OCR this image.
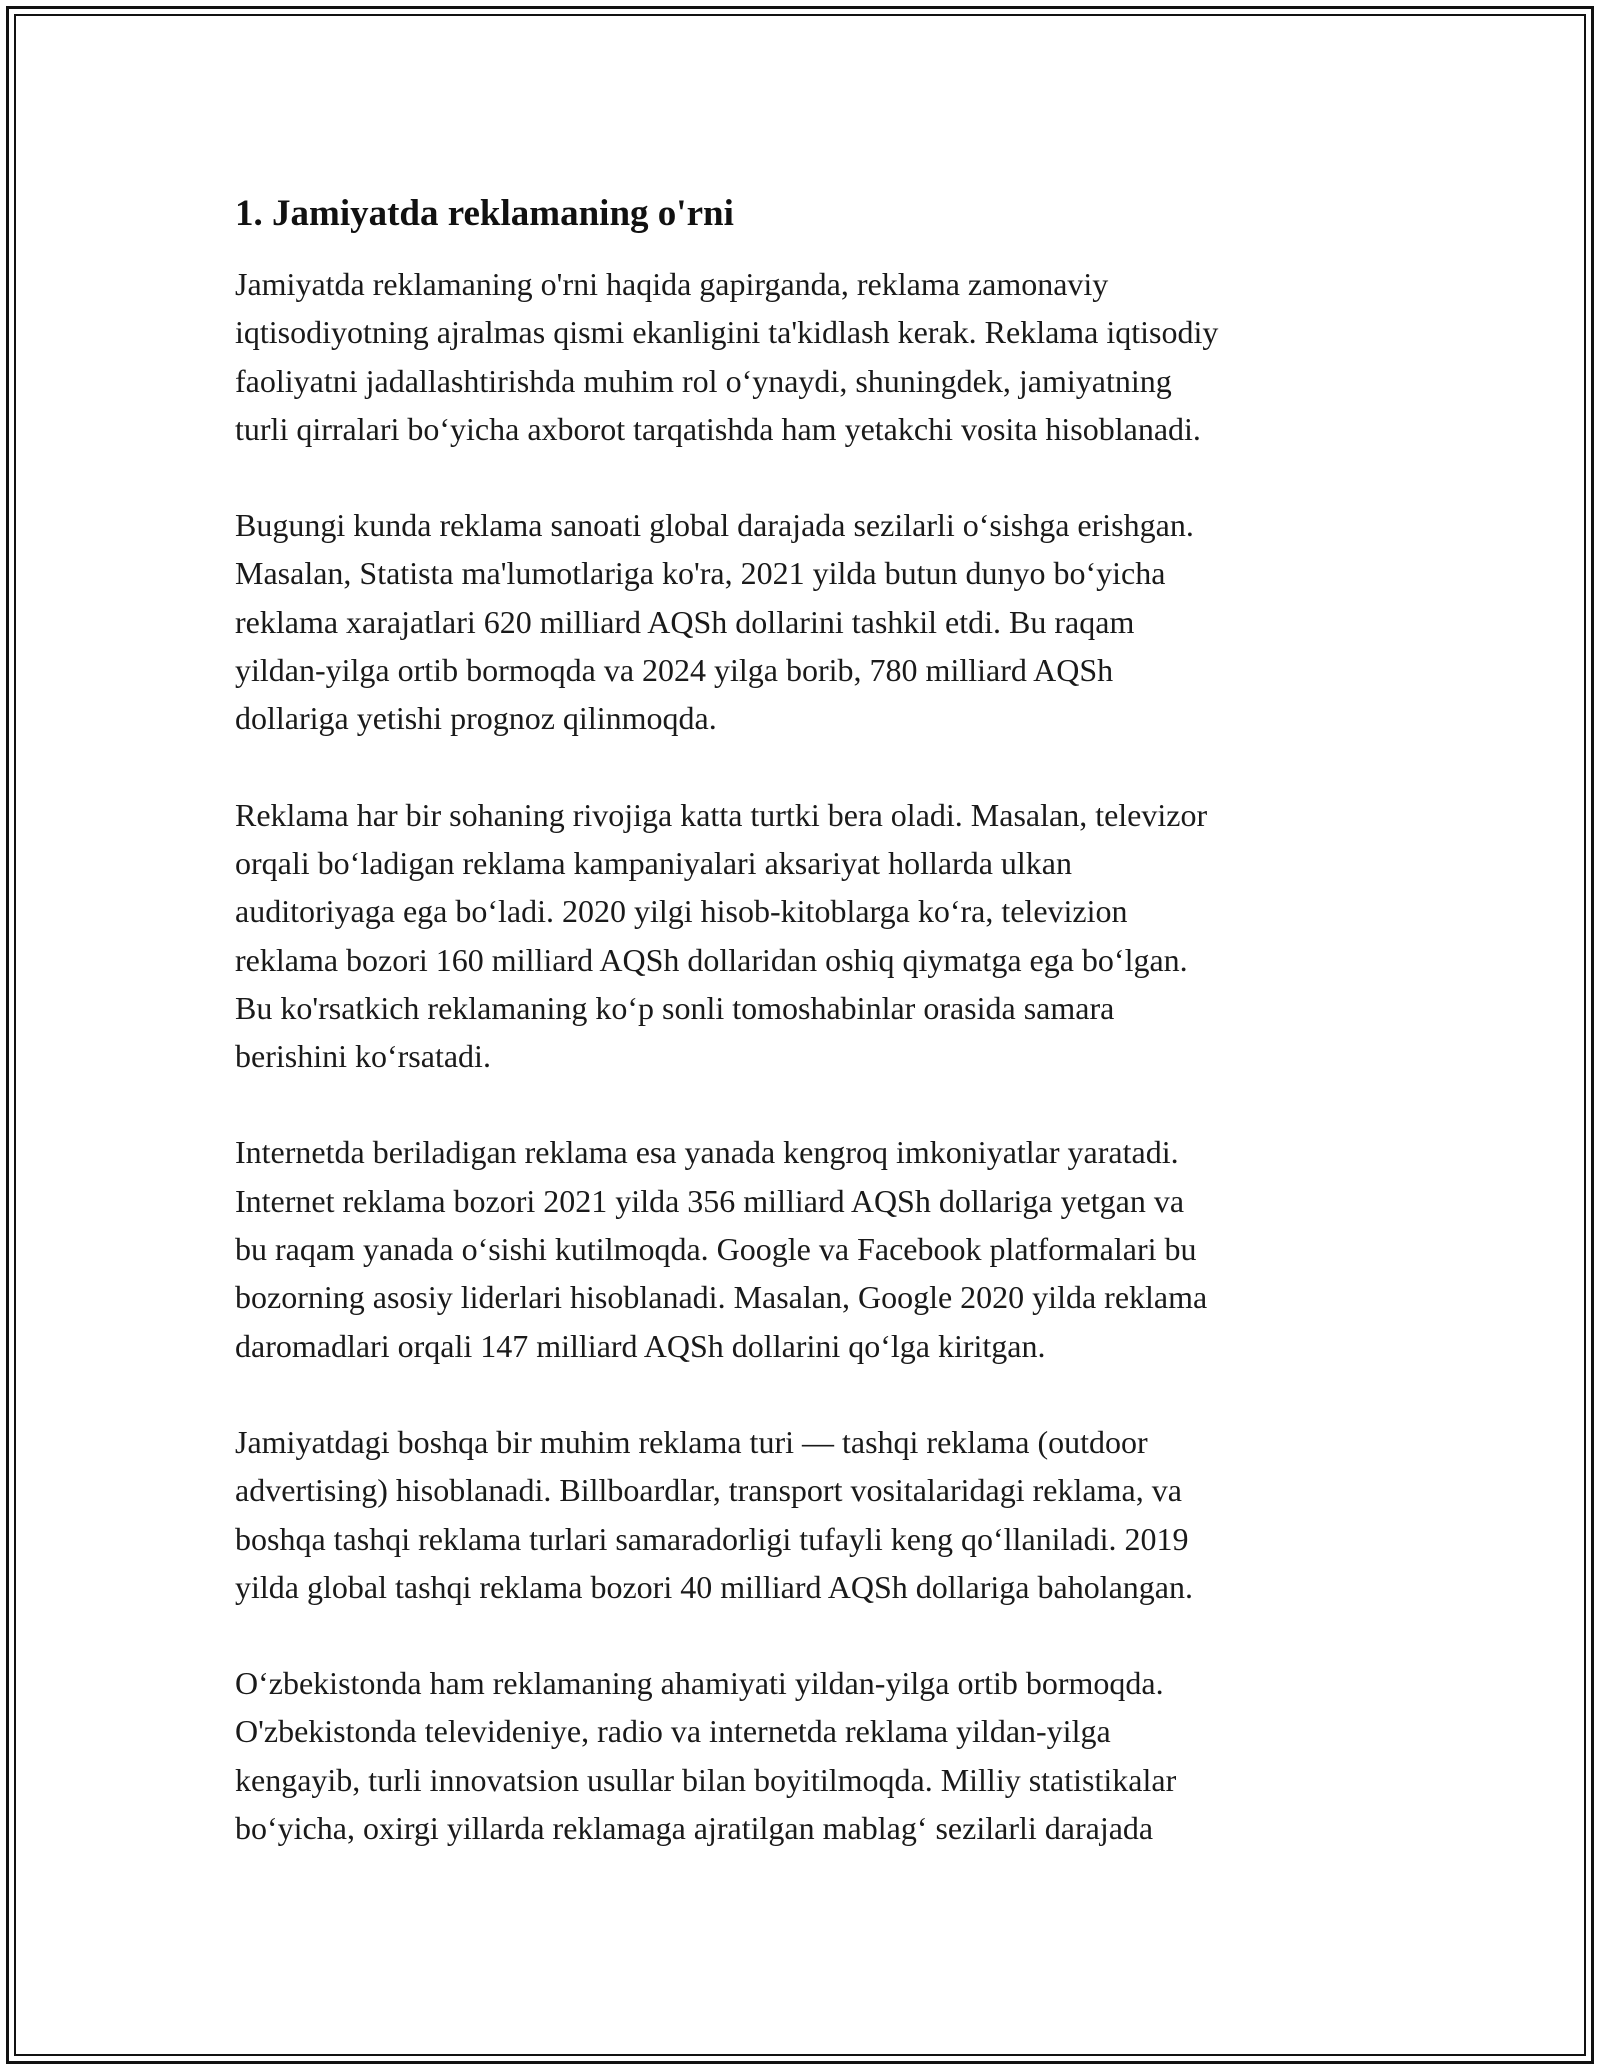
1. Jamiyatda reklamaning o'rni

Jamiyatda reklamaning o'rni haqida gapirganda, reklama zamonaviy
iqtisodiyotning ajralmas qismi ekanligini ta'kidlash kerak. Reklama iqtisodiy
faoliyatni jadallashtirishda muhim rol oʻynaydi, shuningdek, jamiyatning
turli qirralari boʻyicha axborot tarqatishda ham yetakchi vosita hisoblanadi.

Bugungi kunda reklama sanoati global darajada sezilarli oʻsishga erishgan.
Masalan, Statista ma'lumotlariga ko'ra, 2021 yilda butun dunyo boʻyicha
reklama xarajatlari 620 milliard AQSh dollarini tashkil etdi. Bu raqam
yildan-yilga ortib bormoqda va 2024 yilga borib, 780 milliard AQSh
dollariga yetishi prognoz qilinmoqda.

Reklama har bir sohaning rivojiga katta turtki bera oladi. Masalan, televizor
orqali boʻladigan reklama kampaniyalari aksariyat hollarda ulkan
auditoriyaga ega boʻladi. 2020 yilgi hisob-kitoblarga koʻra, televizion
reklama bozori 160 milliard AQSh dollaridan oshiq qiymatga ega boʻlgan.
Bu ko'rsatkich reklamaning koʻp sonli tomoshabinlar orasida samara
berishini koʻrsatadi.

Internetda beriladigan reklama esa yanada kengroq imkoniyatlar yaratadi.
Internet reklama bozori 2021 yilda 356 milliard AQSh dollariga yetgan va
bu raqam yanada oʻsishi kutilmoqda. Google va Facebook platformalari bu
bozorning asosiy liderlari hisoblanadi. Masalan, Google 2020 yilda reklama
daromadlari orqali 147 milliard AQSh dollarini qoʻlga kiritgan.

Jamiyatdagi boshqa bir muhim reklama turi — tashqi reklama (outdoor
advertising) hisoblanadi. Billboardlar, transport vositalaridagi reklama, va
boshqa tashqi reklama turlari samaradorligi tufayli keng qoʻllaniladi. 2019
yilda global tashqi reklama bozori 40 milliard AQSh dollariga baholangan.

Oʻzbekistonda ham reklamaning ahamiyati yildan-yilga ortib bormoqda.
O'zbekistonda televideniye, radio va internetda reklama yildan-yilga
kengayib, turli innovatsion usullar bilan boyitilmoqda. Milliy statistikalar
boʻyicha, oxirgi yillarda reklamaga ajratilgan mablagʻ sezilarli darajada
